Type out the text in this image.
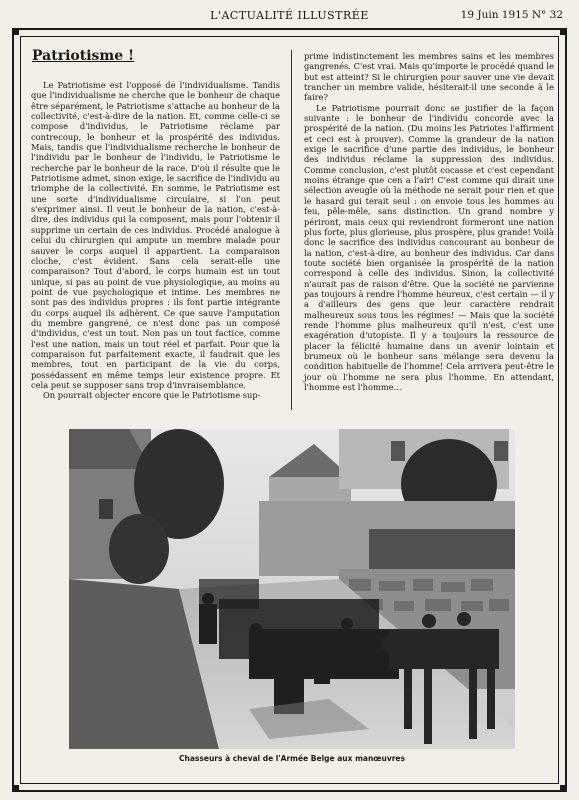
L'ACTUALITÉ ILLUSTRÉE	19 Juin 1915 N° 32
Patriotisme !

Le Patriotisme est l'opposé de l'individualisme. Tandis que l'individualisme ne cherche que le bonheur de chaque être séparément, le Patriotisme s'attache au bonheur de la collectivité, c'est-à-dire de la nation. Et, comme celle-ci se compose d'individus, le Patriotisme réclame par contrecoup, le bonheur et la prospérité des individus. Mais, tandis que l'individualisme recherche le bonheur de l'individu par le bonheur de l'individu, le Patriotisme le recherche par le bonheur de la race. D'où il résulte que le Patriotisme admet, sinon exige, le sacrifice de l'individu au triomphe de la collectivité. En somme, le Patriotisme est une sorte d'individualisme circulaire, si l'on peut s'exprimer ainsi. Il veut le bonheur de la nation, c'est-à-dire, des individus qui la composent, mais pour l'obtenir il supprime un certain de ces individus. Procédé analogue à celui du chirurgien qui ampute un membre malade pour sauver le corps auquel il appartient. La comparaison cloche, c'est évident. Sans cela serait-elle une comparaison? Tout d'abord, le corps humain est un tout unique, si pas au point de vue physiologique, au moins au point de vue psychologique et intime. Les membres ne sont pas des individus propres : ils font partie intégrante du corps auquel ils adhèrent. Ce que sauve l'amputation du membre gangrené, ce n'est donc pas un composé d'individus, c'est un tout. Non pas un tout factice, comme l'est une nation, mais un tout réel et parfait. Pour que la comparaison fut parfaitement exacte, il faudrait que les membres, tout en participant de la vie du corps, possédassent en même temps leur existence propre. Et cela peut se supposer sans trop d'invraisemblance.

On pourrait objecter encore que le Patriotisme sup-

prime indistinctement les membres sains et les membres gangrenés. C'est vrai. Mais qu'importe le procédé quand le but est atteint? Si le chirurgien pour sauver une vie devait trancher un membre valide, hésiterait-il une seconde à le faire?

Le Patriotisme pourrait donc se justifier de la façon suivante : le bonheur de l'individu concorde avec la prospérité de la nation. (Du moins les Patriotes l'affirment et ceci est à prouver). Comme la grandeur de la nation exige le sacrifice d'une partie des individus, le bonheur des individus réclame la suppression des individus. Comme conclusion, c'est plutôt cocasse et c'est cependant moins étrange que cen a l'air! C'est comme qui dirait une sélection aveugle où la méthode ne serait pour rien et que le hasard gui terait seul : on envoie tous les hommes au feu, pêle-mêle, sans distinction. Un grand nombre y périront, mais ceux qui reviendront formeront une nation plus forte, plus glorieuse, plus prospère, plus grande! Voilà donc le sacrifice des individus concourant au bonheur de la nation, c'est-à-dire, au bonheur des individus. Car dans toute société bien organisée la prospérité de la nation correspond à celle des individus. Sinon, la collectivité n'aurait pas de raison d'être. Que la société ne parvienne pas toujours à rendre l'homme heureux, c'est certain — il y a d'ailleurs des gens que leur caractère rendrait malheureux sous tous les régimes! — Mais que la société rende l'homme plus malheureux qu'il n'est, c'est une exagération d'utopiste. Il y a toujours la ressource de placer la félicité humaine dans un avenir lointain et brumeux où le bonheur sans mélange sera devenu la condition habituelle de l'homme! Cela arrivera peut-être le jour où l'homme ne sera plus l'homme. En attendant, l'homme est l'homme...

Chasseurs à cheval de l'Armée Belge aux manœuvres
